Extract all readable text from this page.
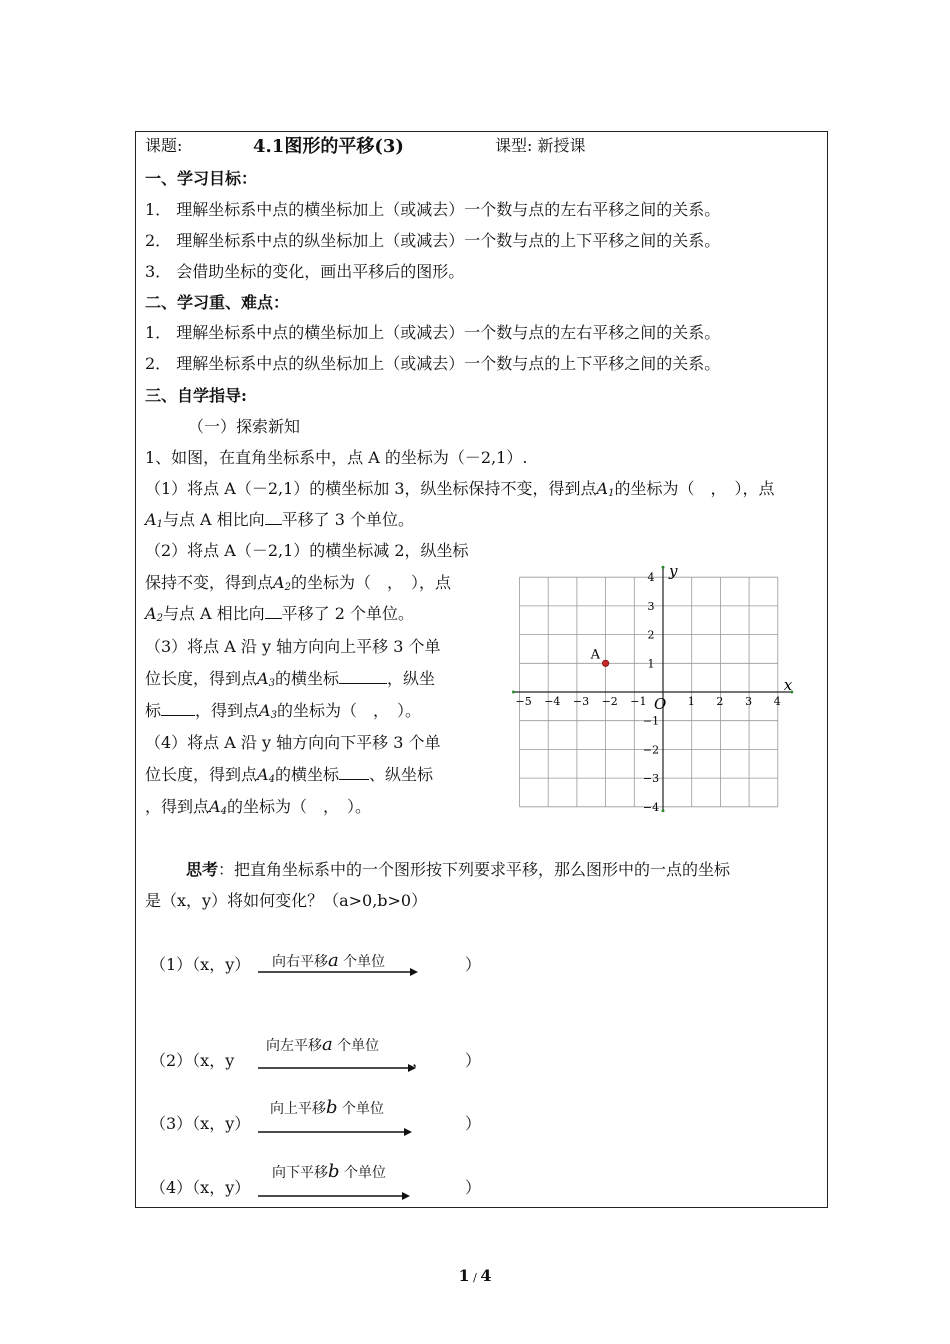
课题:	4.1图形的平移(3)	课型: 新授课
一、学习目标：
1． 理解坐标系中点的横坐标加上（或减去）一个数与点的左右平移之间的关系。
2． 理解坐标系中点的纵坐标加上（或减去）一个数与点的上下平移之间的关系。
3． 会借助坐标的变化，画出平移后的图形。
二、学习重、难点：
1． 理解坐标系中点的横坐标加上（或减去）一个数与点的左右平移之间的关系。
2． 理解坐标系中点的纵坐标加上（或减去）一个数与点的上下平移之间的关系。
三、自学指导:
（一）探索新知
1、如图，在直角坐标系中，点 A 的坐标为（－2,1）.
（1）将点 A（－2,1）的横坐标加 3，纵坐标保持不变，得到点$A_1$的坐标为（　，　），点
$A_1$与点 A 相比向 平移了 3 个单位。
（2）将点 A（－2,1）的横坐标减 2，纵坐标
保持不变，得到点$A_2$的坐标为（　，　），点
$A_2$与点 A 相比向 平移了 2 个单位。
（3）将点 A 沿 y 轴方向向上平移 3 个单
位长度，得到点$A_3$的横坐标	，纵坐
标 ，得到点$A_3$的坐标为（　，　）。
（4）将点 A 沿 y 轴方向向下平移 3 个单
位长度，得到点$A_4$的横坐标 、纵坐标
，得到点$A_4$的坐标为（　，　）。
x
y
O
−5 −4 −3 −2 −1	1 2 3 4
4
3
2
1
−1
−2
−3
−4
A
思考：把直角坐标系中的一个图形按下列要求平移，那么图形中的一点的坐标
是（x，y）将如何变化？（a>0,b>0）
（1）（x，y） 向右平移a 个单位	）
（2）（x，y
向左平移a 个单位
， ）
（3）（x，y）
向上平移b 个单位
）
（4）（x，y）
向下平移b 个单位
）
1 / 4
